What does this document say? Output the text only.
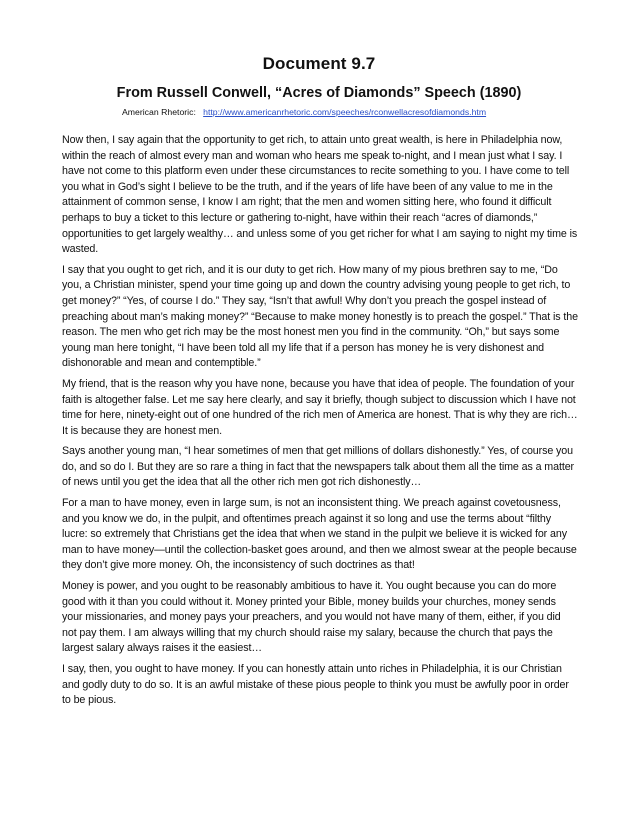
Document 9.7
From Russell Conwell, “Acres of Diamonds” Speech (1890)
American Rhetoric: http://www.americanrhetoric.com/speeches/rconwellacresofdiamonds.htm

Now then, I say again that the opportunity to get rich, to attain unto great wealth, is here in Philadelphia now, within the reach of almost every man and woman who hears me speak to-night, and I mean just what I say. I have not come to this platform even under these circumstances to recite something to you. I have come to tell you what in God’s sight I believe to be the truth, and if the years of life have been of any value to me in the attainment of common sense, I know I am right; that the men and women sitting here, who found it difficult perhaps to buy a ticket to this lecture or gathering to-night, have within their reach “acres of diamonds,” opportunities to get largely wealthy… and unless some of you get richer for what I am saying to night my time is wasted.

I say that you ought to get rich, and it is our duty to get rich. How many of my pious brethren say to me, “Do you, a Christian minister, spend your time going up and down the country advising young people to get rich, to get money?” “Yes, of course I do.” They say, “Isn’t that awful! Why don’t you preach the gospel instead of preaching about man’s making money?” “Because to make money honestly is to preach the gospel.” That is the reason. The men who get rich may be the most honest men you find in the community. “Oh,” but says some young man here tonight, “I have been told all my life that if a person has money he is very dishonest and dishonorable and mean and contemptible.”

My friend, that is the reason why you have none, because you have that idea of people. The foundation of your faith is altogether false. Let me say here clearly, and say it briefly, though subject to discussion which I have not time for here, ninety-eight out of one hundred of the rich men of America are honest. That is why they are rich… It is because they are honest men.

Says another young man, “I hear sometimes of men that get millions of dollars dishonestly.” Yes, of course you do, and so do I. But they are so rare a thing in fact that the newspapers talk about them all the time as a matter of news until you get the idea that all the other rich men got rich dishonestly…

For a man to have money, even in large sum, is not an inconsistent thing. We preach against covetousness, and you know we do, in the pulpit, and oftentimes preach against it so long and use the terms about “filthy lucre: so extremely that Christians get the idea that when we stand in the pulpit we believe it is wicked for any man to have money—until the collection-basket goes around, and then we almost swear at the people because they don’t give more money. Oh, the inconsistency of such doctrines as that!

Money is power, and you ought to be reasonably ambitious to have it. You ought because you can do more good with it than you could without it. Money printed your Bible, money builds your churches, money sends your missionaries, and money pays your preachers, and you would not have many of them, either, if you did not pay them. I am always willing that my church should raise my salary, because the church that pays the largest salary always raises it the easiest…

I say, then, you ought to have money. If you can honestly attain unto riches in Philadelphia, it is our Christian and godly duty to do so. It is an awful mistake of these pious people to think you must be awfully poor in order to be pious.
